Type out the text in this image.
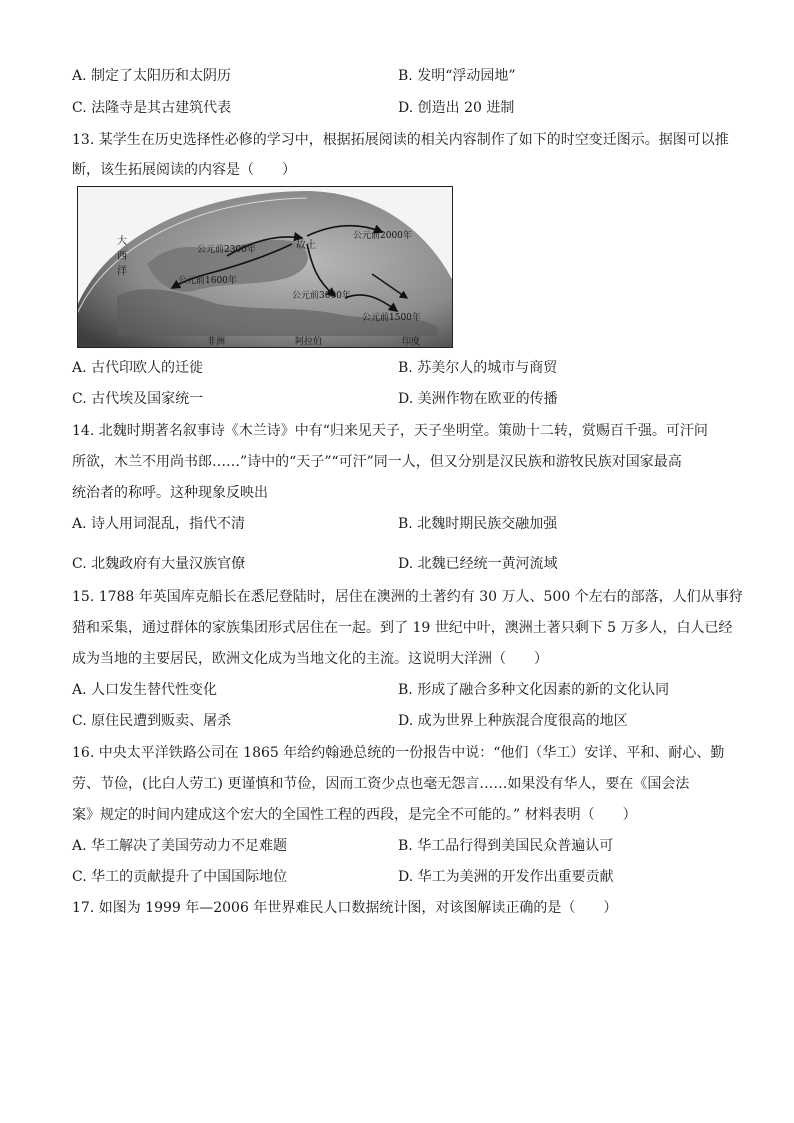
A. 制定了太阳历和太阴历	B. 发明“浮动园地”
C. 法隆寺是其古建筑代表	D. 创造出 20 进制
13. 某学生在历史选择性必修的学习中，根据拓展阅读的相关内容制作了如下的时空变迁图示。据图可以推
断，该生拓展阅读的内容是（　　）
大
西
洋
故土
公元前2300年
公元前2000年
公元前1600年
公元前3000年
公元前1500年
非洲	阿拉伯	印度
A. 古代印欧人的迁徙	B. 苏美尔人的城市与商贸
C. 古代埃及国家统一	D. 美洲作物在欧亚的传播
14. 北魏时期著名叙事诗《木兰诗》中有“归来见天子，天子坐明堂。策勋十二转，赏赐百千强。可汗问
所欲，木兰不用尚书郎……”诗中的“天子”“可汗”同一人，但又分别是汉民族和游牧民族对国家最高
统治者的称呼。这种现象反映出
A. 诗人用词混乱，指代不清	B. 北魏时期民族交融加强
C. 北魏政府有大量汉族官僚	D. 北魏已经统一黄河流域
15. 1788 年英国库克船长在悉尼登陆时，居住在澳洲的土著约有 30 万人、500 个左右的部落，人们从事狩
猎和采集，通过群体的家族集团形式居住在一起。到了 19 世纪中叶，澳洲土著只剩下 5 万多人，白人已经
成为当地的主要居民，欧洲文化成为当地文化的主流。这说明大洋洲（　　）
A. 人口发生替代性变化	B. 形成了融合多种文化因素的新的文化认同
C. 原住民遭到贩卖、屠杀	D. 成为世界上种族混合度很高的地区
16. 中央太平洋铁路公司在 1865 年给约翰逊总统的一份报告中说：“他们（华工）安详、平和、耐心、勤
劳、节俭，(比白人劳工) 更谨慎和节俭，因而工资少点也毫无怨言……如果没有华人，要在《国会法
案》规定的时间内建成这个宏大的全国性工程的西段，是完全不可能的。” 材料表明（　　）
A. 华工解决了美国劳动力不足难题	B. 华工品行得到美国民众普遍认可
C. 华工的贡献提升了中国国际地位	D. 华工为美洲的开发作出重要贡献
17. 如图为 1999 年—2006 年世界难民人口数据统计图，对该图解读正确的是（　　）
